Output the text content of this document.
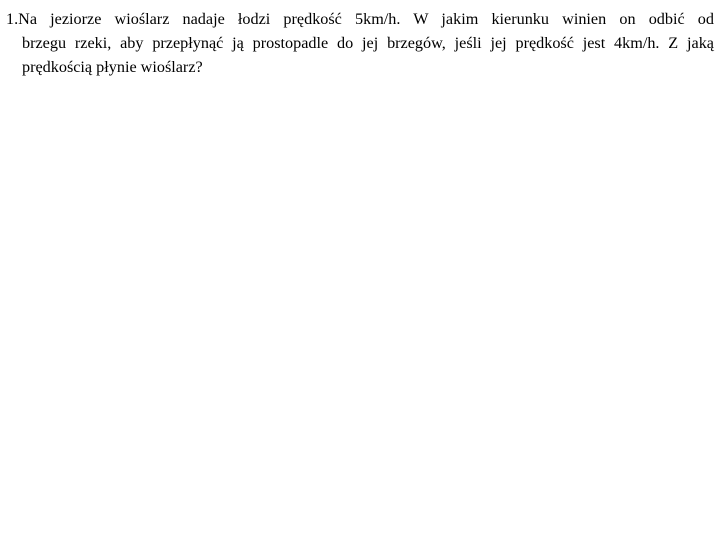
1.Na jeziorze wioślarz nadaje łodzi prędkość 5km/h. W jakim kierunku winien on odbić od

brzegu rzeki, aby przepłynąć ją prostopadle do jej brzegów, jeśli jej prędkość jest 4km/h. Z jaką

prędkością płynie wioślarz?
